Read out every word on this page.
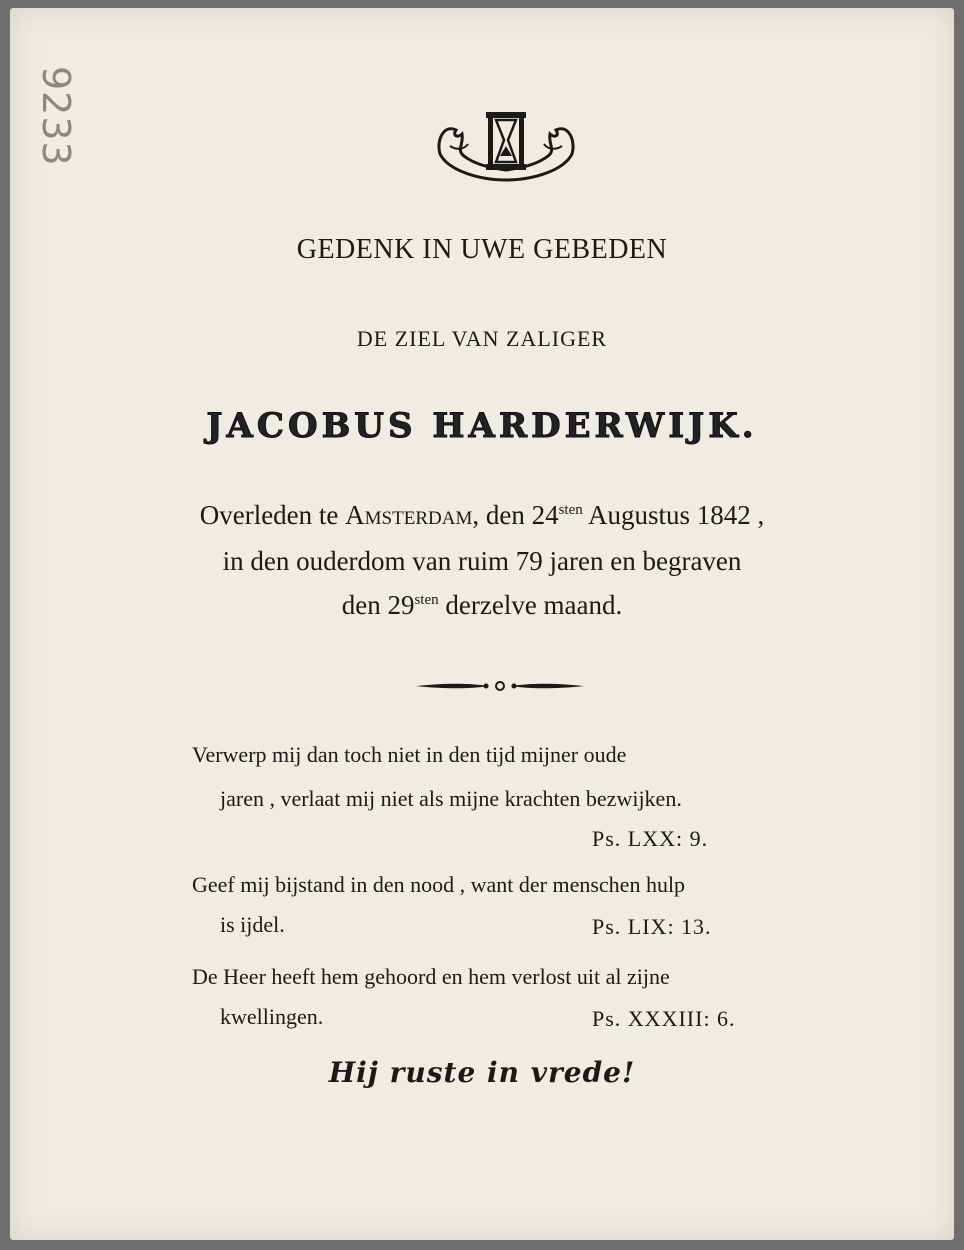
9233
GEDENK IN UWE GEBEDEN
DE ZIEL VAN ZALIGER
JACOBUS HARDERWIJK.
Overleden te Amsterdam, den $24^{sten}$ Augustus 1842 ,
in den ouderdom van ruim 79 jaren en begraven
den $29^{sten}$ derzelve maand.
Verwerp mij dan toch niet in den tijd mijner oude
jaren , verlaat mij niet als mijne krachten bezwijken.
Ps. LXX: 9.
Geef mij bijstand in den nood , want der menschen hulp
is ijdel.	Ps. LIX: 13.
De Heer heeft hem gehoord en hem verlost uit al zijne
kwellingen.	Ps. XXXIII: 6.
Hij ruste in vrede!
